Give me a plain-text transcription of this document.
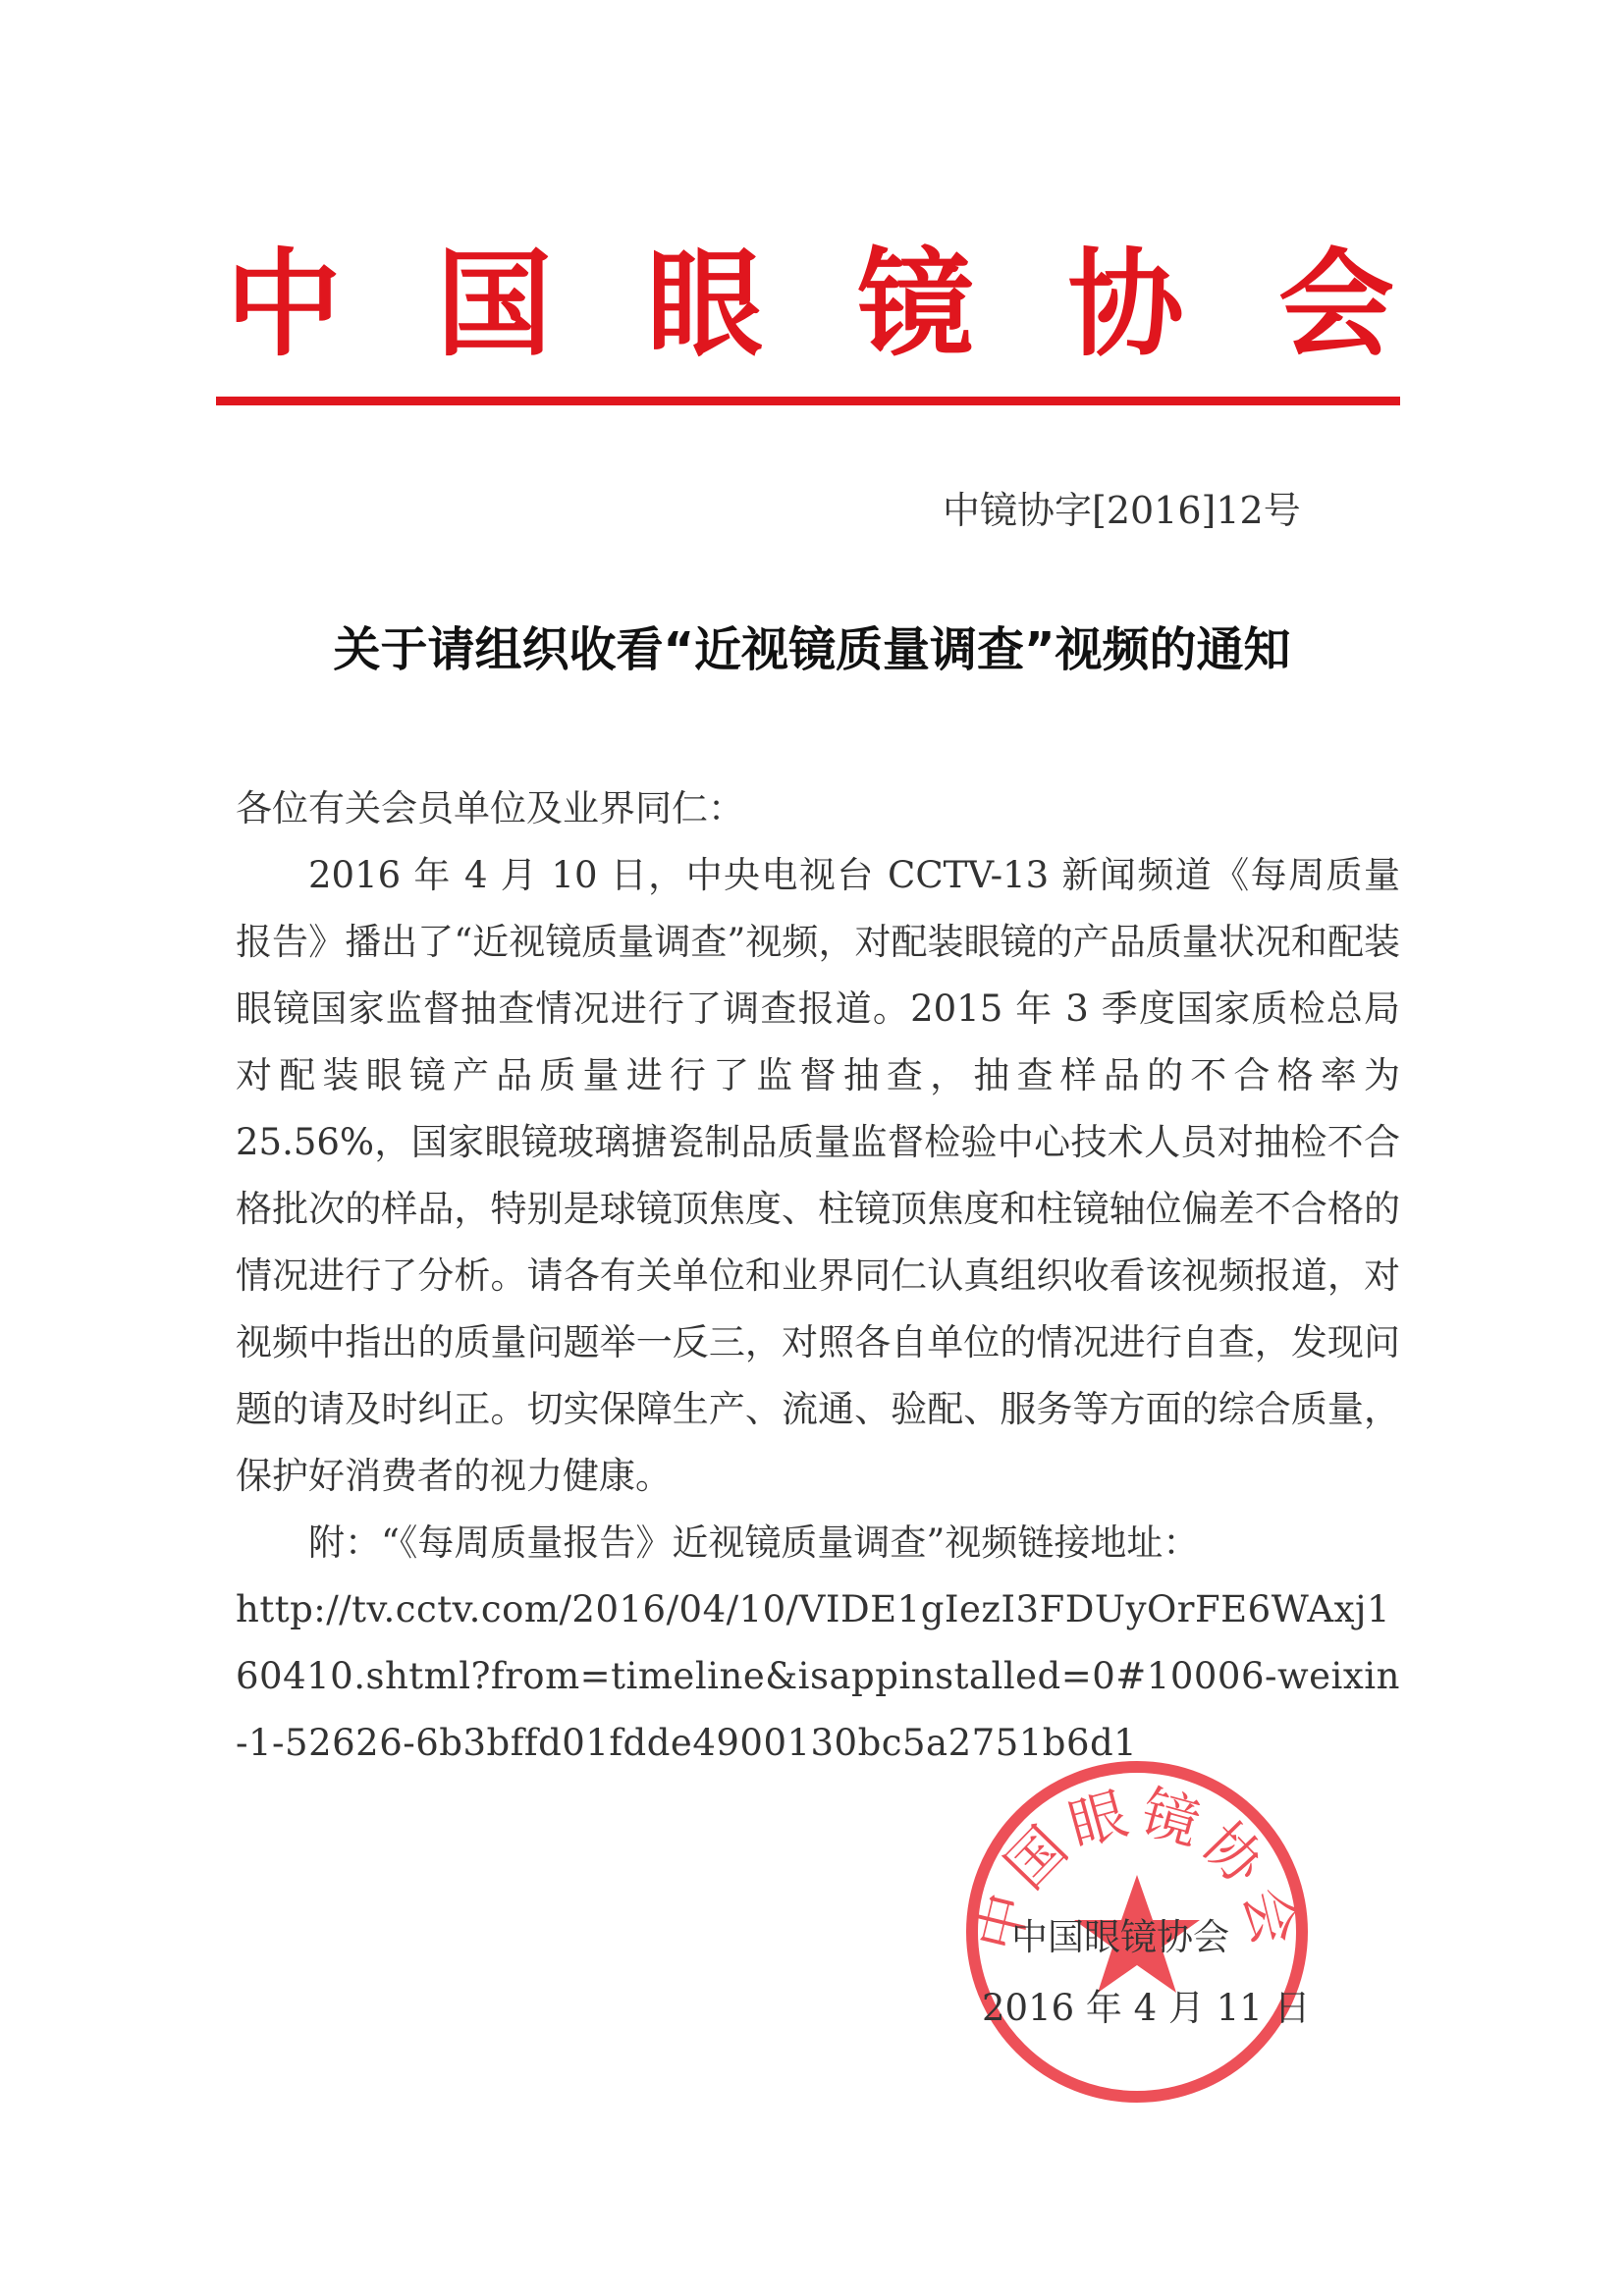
中 国 眼 镜 协 会
中镜协字[2016]12号
关于请组织收看“近视镜质量调查”视频的通知

各位有关会员单位及业界同仁：

2016 年 4 月 10 日，中央电视台 CCTV-13 新闻频道《每周质量报告》播出了“近视镜质量调查”视频，对配装眼镜的产品质量状况和配装眼镜国家监督抽查情况进行了调查报道。2015 年 3 季度国家质检总局对配装眼镜产品质量进行了监督抽查，抽查样品的不合格率为 25.56%，国家眼镜玻璃搪瓷制品质量监督检验中心技术人员对抽检不合格批次的样品，特别是球镜顶焦度、柱镜顶焦度和柱镜轴位偏差不合格的情况进行了分析。请各有关单位和业界同仁认真组织收看该视频报道，对视频中指出的质量问题举一反三，对照各自单位的情况进行自查，发现问题的请及时纠正。切实保障生产、流通、验配、服务等方面的综合质量，保护好消费者的视力健康。

附：“《每周质量报告》近视镜质量调查”视频链接地址：

http://tv.cctv.com/2016/04/10/VIDE1gIezI3FDUyOrFE6WAxj160410.shtml?from=timeline&isappinstalled=0#10006-weixin-1-52626-6b3bffd01fdde4900130bc5a2751b6d1

中国眼镜协会
中国眼镜协会
2016 年 4 月 11 日
